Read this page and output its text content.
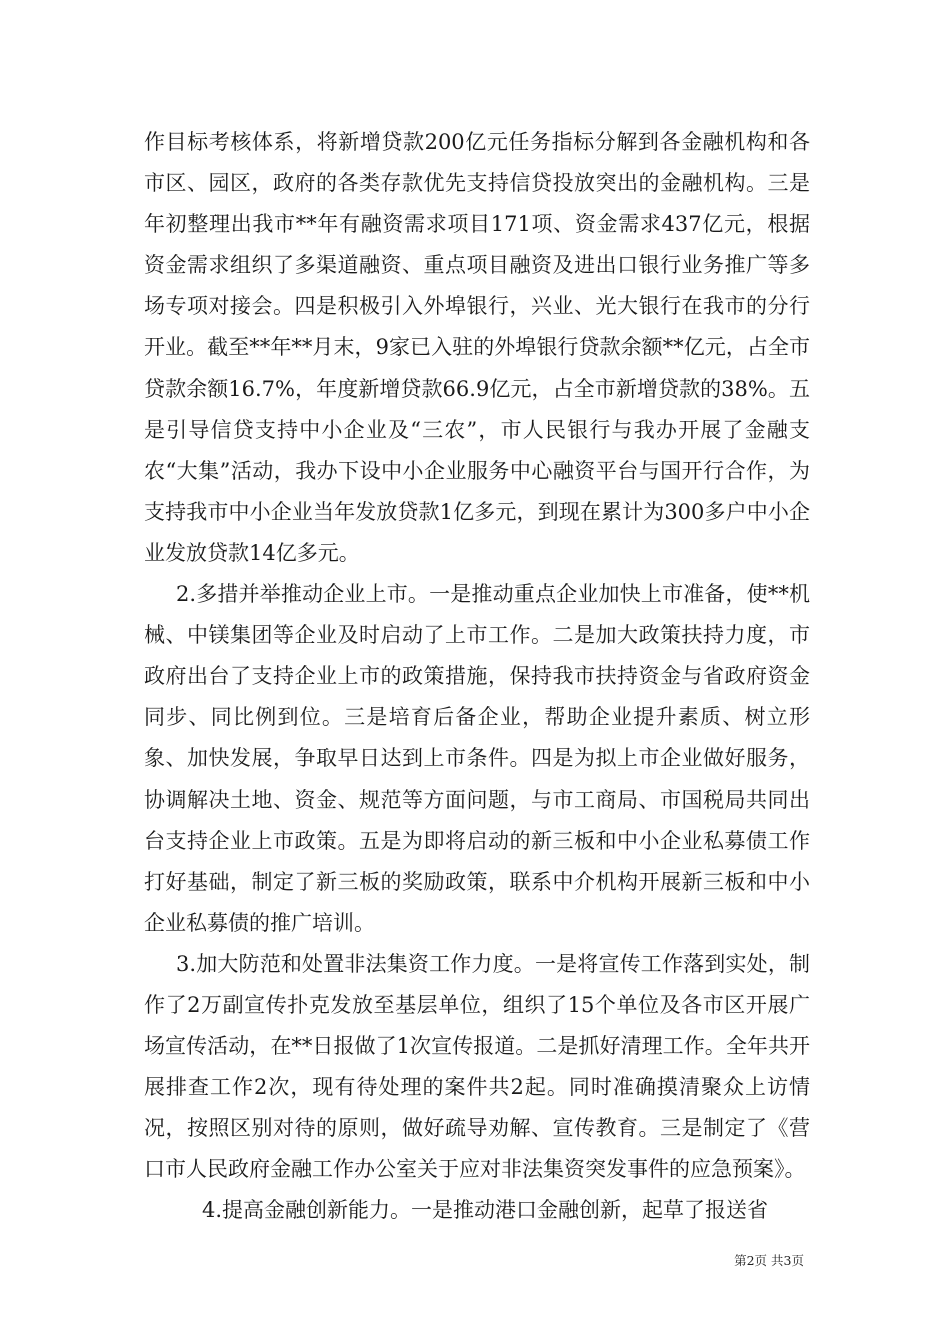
作目标考核体系，将新增贷款200亿元任务指标分解到各金融机构和各市区、园区，政府的各类存款优先支持信贷投放突出的金融机构。三是年初整理出我市**年有融资需求项目171项、资金需求437亿元，根据资金需求组织了多渠道融资、重点项目融资及进出口银行业务推广等多场专项对接会。四是积极引入外埠银行，兴业、光大银行在我市的分行开业。截至**年**月末，9家已入驻的外埠银行贷款余额**亿元，占全市贷款余额16.7%，年度新增贷款66.9亿元，占全市新增贷款的38%。五是引导信贷支持中小企业及“三农”，市人民银行与我办开展了金融支农“大集”活动，我办下设中小企业服务中心融资平台与国开行合作，为支持我市中小企业当年发放贷款1亿多元，到现在累计为300多户中小企业发放贷款14亿多元。

2.多措并举推动企业上市。一是推动重点企业加快上市准备，使**机械、中镁集团等企业及时启动了上市工作。二是加大政策扶持力度，市政府出台了支持企业上市的政策措施，保持我市扶持资金与省政府资金同步、同比例到位。三是培育后备企业，帮助企业提升素质、树立形象、加快发展，争取早日达到上市条件。四是为拟上市企业做好服务，协调解决土地、资金、规范等方面问题，与市工商局、市国税局共同出台支持企业上市政策。五是为即将启动的新三板和中小企业私募债工作打好基础，制定了新三板的奖励政策，联系中介机构开展新三板和中小企业私募债的推广培训。

3.加大防范和处置非法集资工作力度。一是将宣传工作落到实处，制作了2万副宣传扑克发放至基层单位，组织了15个单位及各市区开展广场宣传活动，在**日报做了1次宣传报道。二是抓好清理工作。全年共开展排查工作2次，现有待处理的案件共2起。同时准确摸清聚众上访情况，按照区别对待的原则，做好疏导劝解、宣传教育。三是制定了《营口市人民政府金融工作办公室关于应对非法集资突发事件的应急预案》。

4.提高金融创新能力。一是推动港口金融创新，起草了报送省

第2页 共3页
